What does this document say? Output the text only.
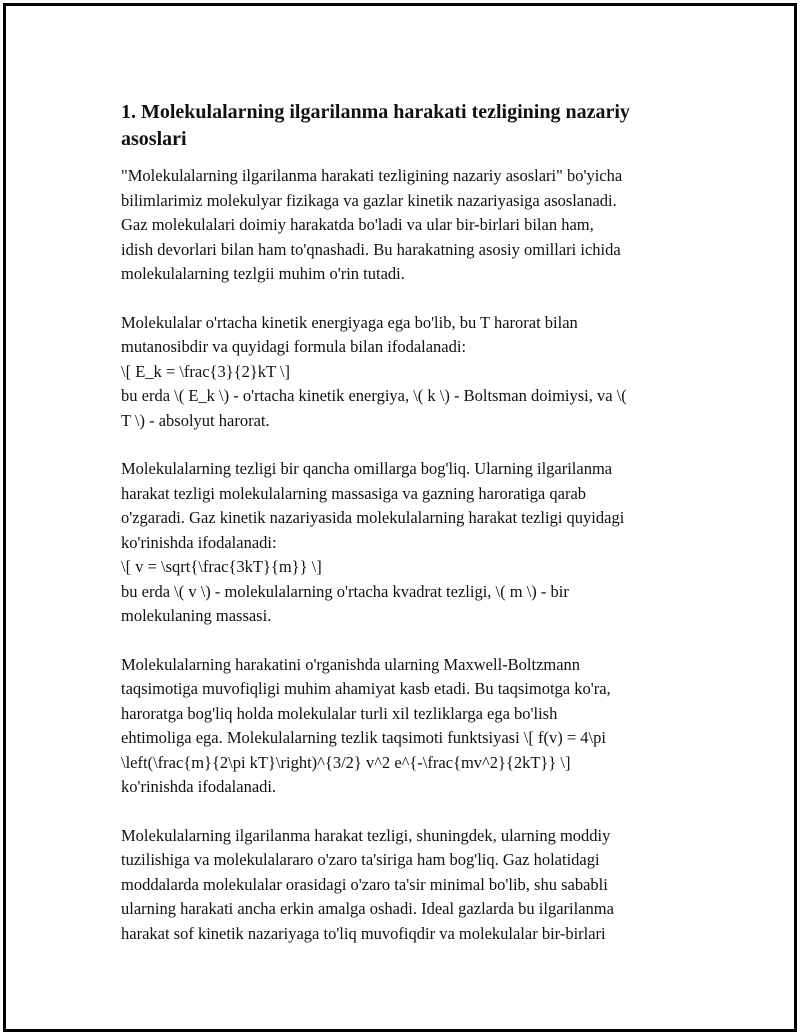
1. Molekulalarning ilgarilanma harakati tezligining nazariy
asoslari

"Molekulalarning ilgarilanma harakati tezligining nazariy asoslari" bo'yicha
bilimlarimiz molekulyar fizikaga va gazlar kinetik nazariyasiga asoslanadi.
Gaz molekulalari doimiy harakatda bo'ladi va ular bir-birlari bilan ham,
idish devorlari bilan ham to'qnashadi. Bu harakatning asosiy omillari ichida
molekulalarning tezlgii muhim o'rin tutadi.

Molekulalar o'rtacha kinetik energiyaga ega bo'lib, bu T harorat bilan
mutanosibdir va quyidagi formula bilan ifodalanadi:
\[ E_k = \frac{3}{2}kT \]
bu erda \( E_k \) - o'rtacha kinetik energiya, \( k \) - Boltsman doimiysi, va \(
T \) - absolyut harorat.

Molekulalarning tezligi bir qancha omillarga bog'liq. Ularning ilgarilanma
harakat tezligi molekulalarning massasiga va gazning haroratiga qarab
o'zgaradi. Gaz kinetik nazariyasida molekulalarning harakat tezligi quyidagi
ko'rinishda ifodalanadi:
\[ v = \sqrt{\frac{3kT}{m}} \]
bu erda \( v \) - molekulalarning o'rtacha kvadrat tezligi, \( m \) - bir
molekulaning massasi.

Molekulalarning harakatini o'rganishda ularning Maxwell-Boltzmann
taqsimotiga muvofiqligi muhim ahamiyat kasb etadi. Bu taqsimotga ko'ra,
haroratga bog'liq holda molekulalar turli xil tezliklarga ega bo'lish
ehtimoliga ega. Molekulalarning tezlik taqsimoti funktsiyasi \[ f(v) = 4\pi
\left(\frac{m}{2\pi kT}\right)^{3/2} v^2 e^{-\frac{mv^2}{2kT}} \]
ko'rinishda ifodalanadi.

Molekulalarning ilgarilanma harakat tezligi, shuningdek, ularning moddiy
tuzilishiga va molekulalararo o'zaro ta'siriga ham bog'liq. Gaz holatidagi
moddalarda molekulalar orasidagi o'zaro ta'sir minimal bo'lib, shu sababli
ularning harakati ancha erkin amalga oshadi. Ideal gazlarda bu ilgarilanma
harakat sof kinetik nazariyaga to'liq muvofiqdir va molekulalar bir-birlari
